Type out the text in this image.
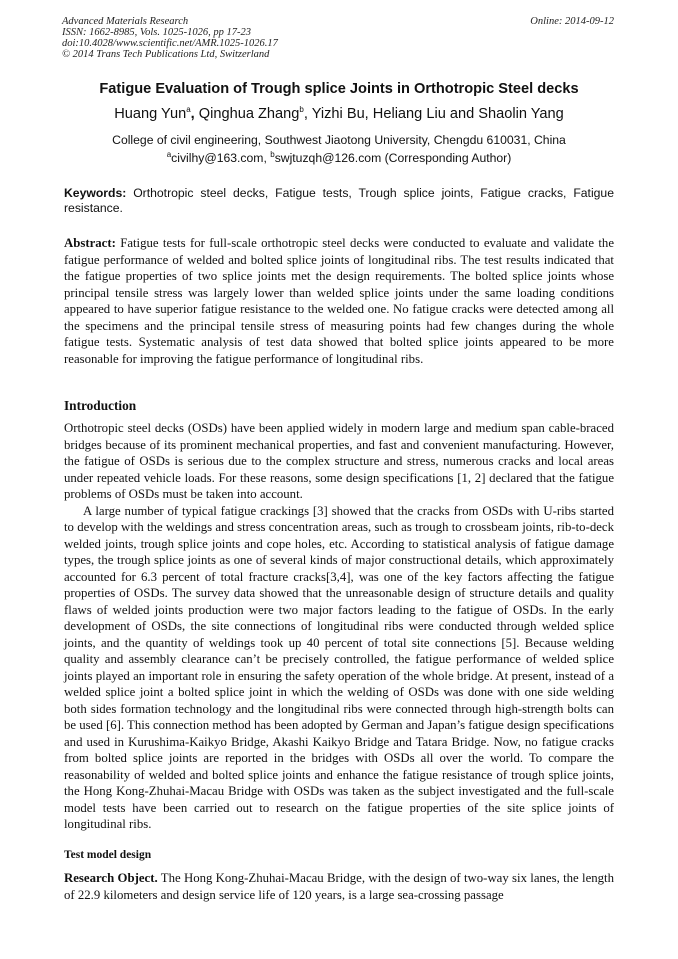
Advanced Materials Research
ISSN: 1662-8985, Vols. 1025-1026, pp 17-23
doi:10.4028/www.scientific.net/AMR.1025-1026.17
© 2014 Trans Tech Publications Ltd, Switzerland
Online: 2014-09-12
Fatigue Evaluation of Trough splice Joints in Orthotropic Steel decks
Huang Yun$^a$, Qinghua Zhang$^b$, Yizhi Bu, Heliang Liu and Shaolin Yang
College of civil engineering, Southwest Jiaotong University, Chengdu 610031, China
$^a$civilhy@163.com, $^b$swjtuzqh@126.com (Corresponding Author)
Keywords: Orthotropic steel decks, Fatigue tests, Trough splice joints, Fatigue cracks, Fatigue resistance.
Abstract: Fatigue tests for full-scale orthotropic steel decks were conducted to evaluate and validate the fatigue performance of welded and bolted splice joints of longitudinal ribs. The test results indicated that the fatigue properties of two splice joints met the design requirements. The bolted splice joints whose principal tensile stress was largely lower than welded splice joints under the same loading conditions appeared to have superior fatigue resistance to the welded one. No fatigue cracks were detected among all the specimens and the principal tensile stress of measuring points had few changes during the whole fatigue tests. Systematic analysis of test data showed that bolted splice joints appeared to be more reasonable for improving the fatigue performance of longitudinal ribs.
Introduction

Orthotropic steel decks (OSDs) have been applied widely in modern large and medium span cable-braced bridges because of its prominent mechanical properties, and fast and convenient manufacturing. However, the fatigue of OSDs is serious due to the complex structure and stress, numerous cracks and local areas under repeated vehicle loads. For these reasons, some design specifications [1, 2] declared that the fatigue problems of OSDs must be taken into account.

A large number of typical fatigue crackings [3] showed that the cracks from OSDs with U-ribs started to develop with the weldings and stress concentration areas, such as trough to crossbeam joints, rib-to-deck welded joints, trough splice joints and cope holes, etc. According to statistical analysis of fatigue damage types, the trough splice joints as one of several kinds of major constructional details, which approximately accounted for 6.3 percent of total fracture cracks[3,4], was one of the key factors affecting the fatigue properties of OSDs. The survey data showed that the unreasonable design of structure details and quality flaws of welded joints production were two major factors leading to the fatigue of OSDs. In the early development of OSDs, the site connections of longitudinal ribs were conducted through welded splice joints, and the quantity of weldings took up 40 percent of total site connections [5]. Because welding quality and assembly clearance can’t be precisely controlled, the fatigue performance of welded splice joints played an important role in ensuring the safety operation of the whole bridge. At present, instead of a welded splice joint a bolted splice joint in which the welding of OSDs was done with one side welding both sides formation technology and the longitudinal ribs were connected through high-strength bolts can be used [6]. This connection method has been adopted by German and Japan’s fatigue design specifications and used in Kurushima-Kaikyo Bridge, Akashi Kaikyo Bridge and Tatara Bridge. Now, no fatigue cracks from bolted splice joints are reported in the bridges with OSDs all over the world. To compare the reasonability of welded and bolted splice joints and enhance the fatigue resistance of trough splice joints, the Hong Kong-Zhuhai-Macau Bridge with OSDs was taken as the subject investigated and the full-scale model tests have been carried out to research on the fatigue properties of the site splice joints of longitudinal ribs.

Test model design
Research Object. The Hong Kong-Zhuhai-Macau Bridge, with the design of two-way six lanes, the length of 22.9 kilometers and design service life of 120 years, is a large sea-crossing passage
